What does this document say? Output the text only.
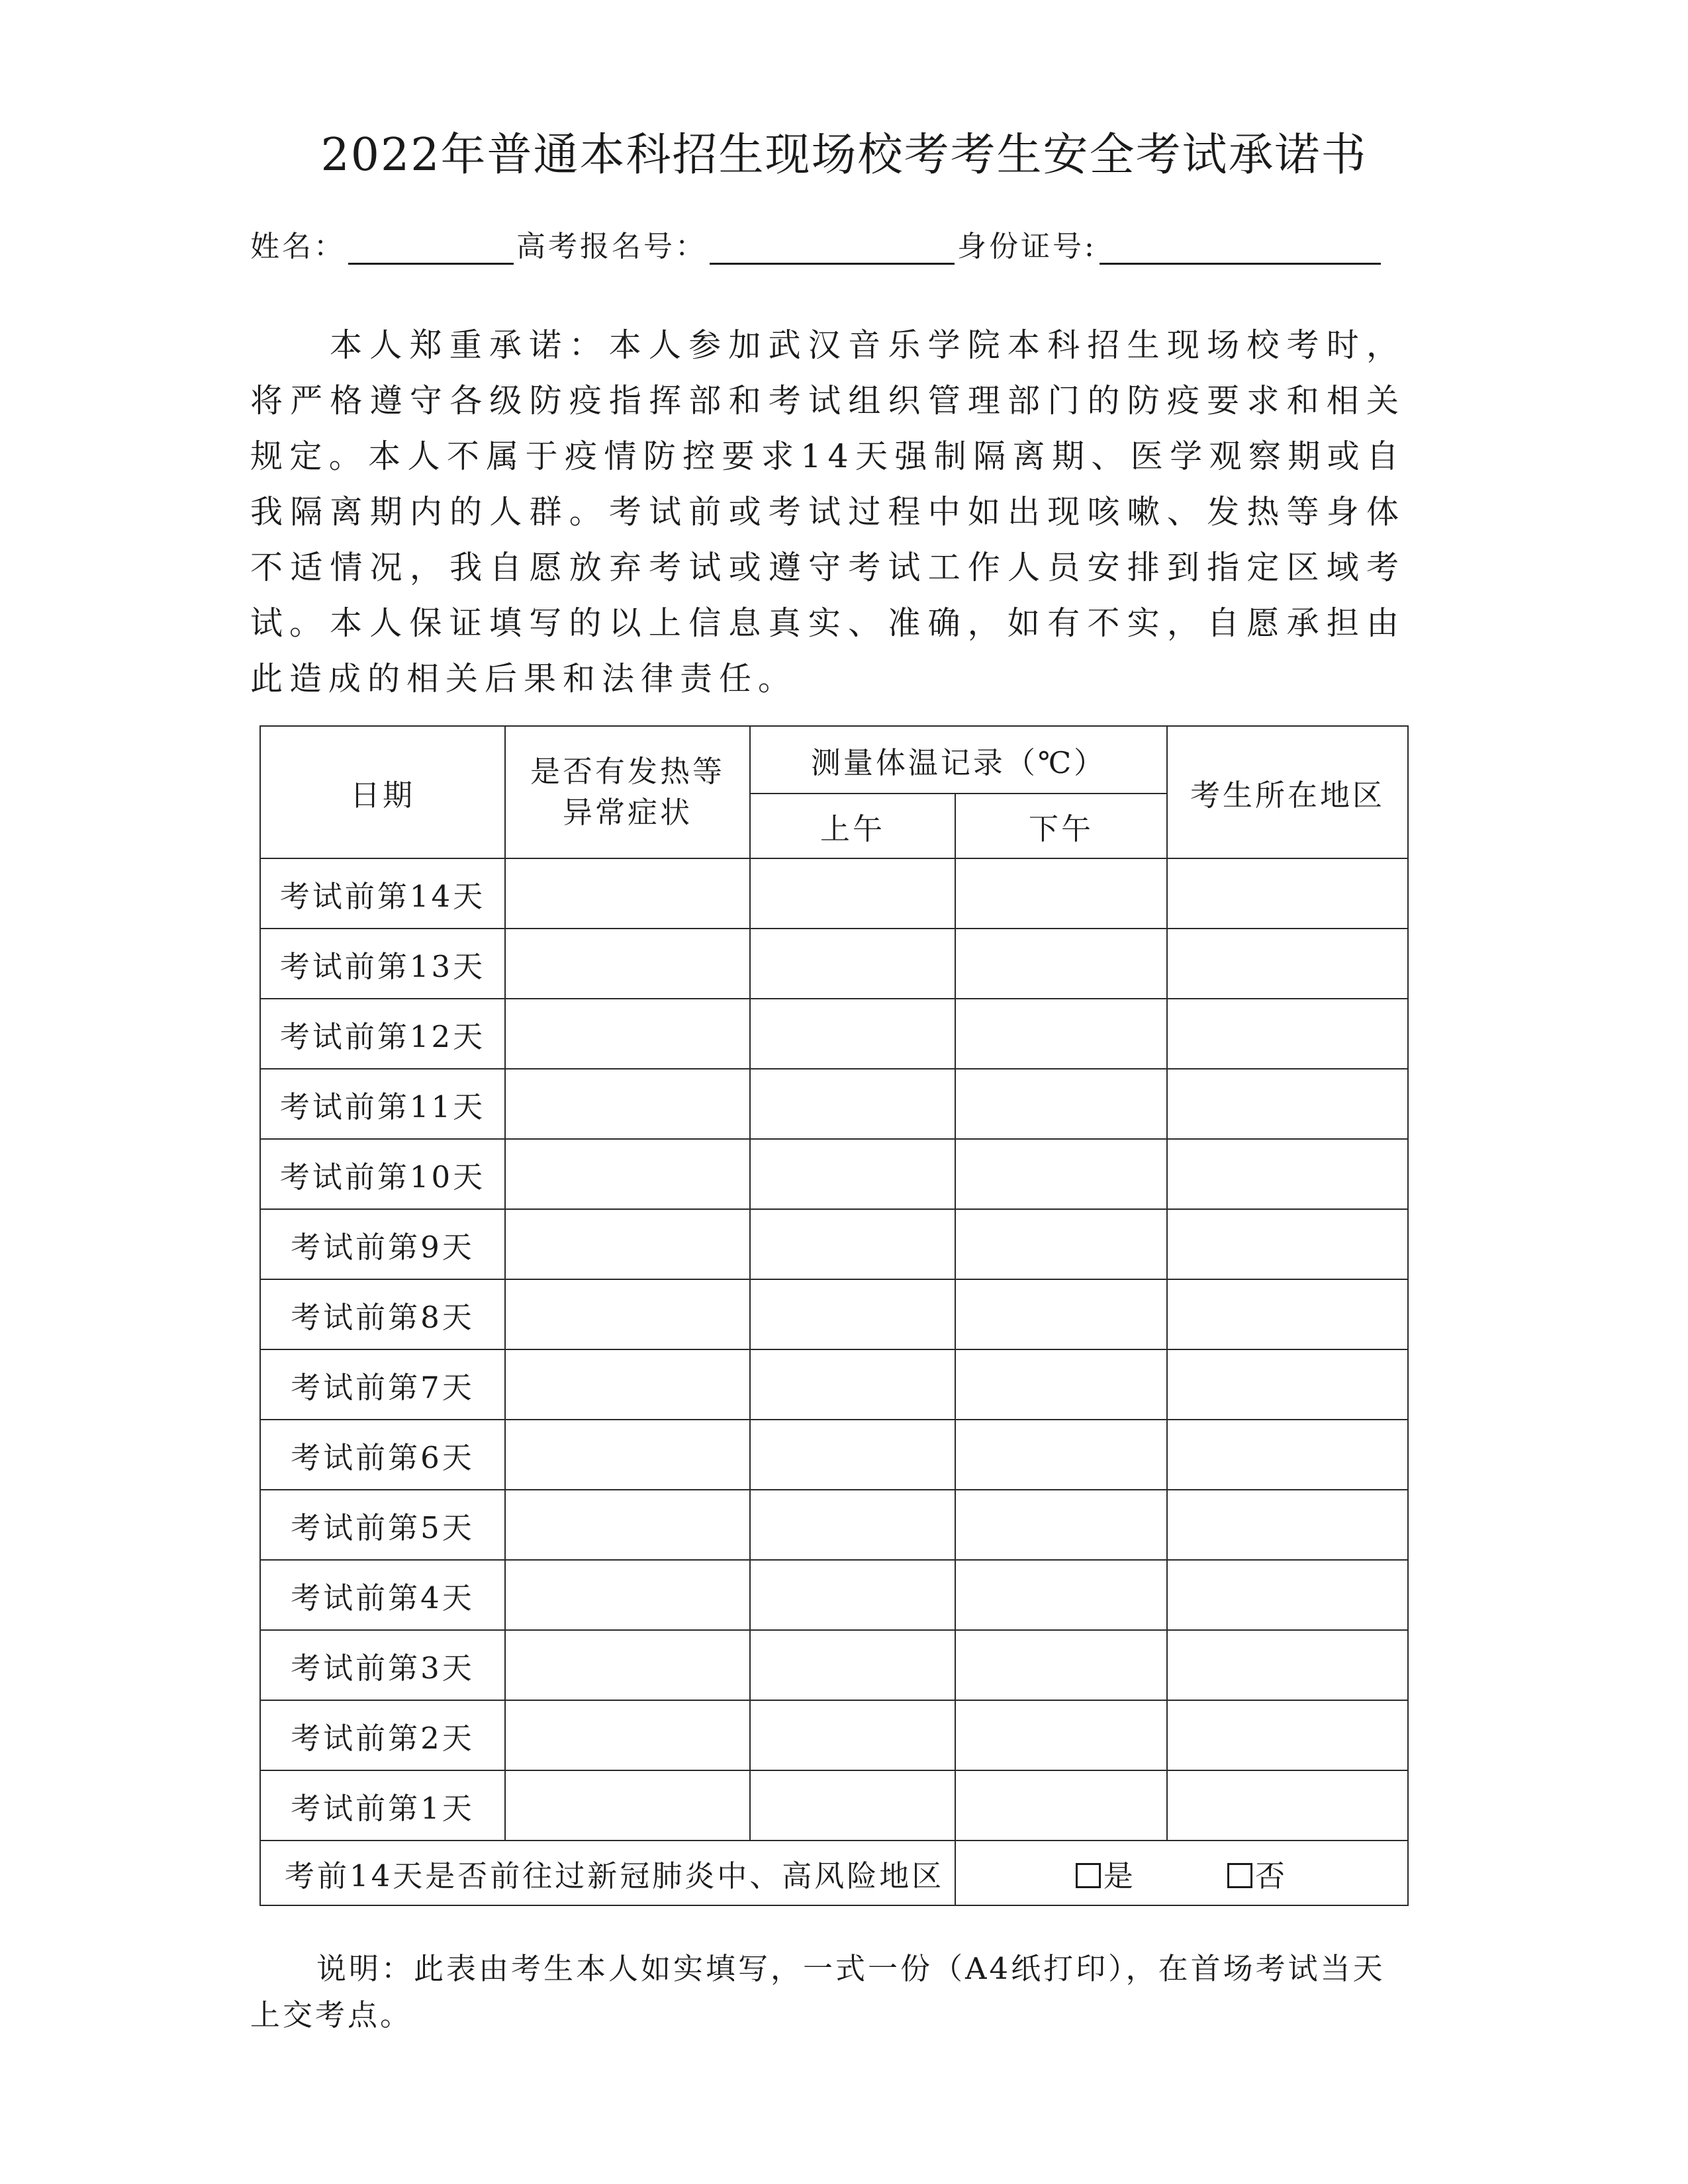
2022年普通本科招生现场校考考生安全考试承诺书
姓名：	高考报名号：	身份证号:

本人郑重承诺：本人参加武汉音乐学院本科招生现场校考时，将严格遵守各级防疫指挥部和考试组织管理部门的防疫要求和相关规定。本人不属于疫情防控要求14天强制隔离期、医学观察期或自我隔离期内的人群。考试前或考试过程中如出现咳嗽、发热等身体不适情况，我自愿放弃考试或遵守考试工作人员安排到指定区域考试。 本人保证填写的以上信息真实、准确，如有不实，自愿承担由此造成的相关后果和法律责任。

日期	是否有发热等异常症状	测量体温记录（℃）		考生所在地区
		上午	下午	
考试前第14天				
考试前第13天				
考试前第12天				
考试前第11天				
考试前第10天				
考试前第9天				
考试前第8天				
考试前第7天				
考试前第6天				
考试前第5天				
考试前第4天				
考试前第3天				
考试前第2天				
考试前第1天				
考前14天是否前往过新冠肺炎中、高风险地区			是 否	

说明：此表由考生本人如实填写，一式一份（A4纸打印），在首场考试当天上交考点。
